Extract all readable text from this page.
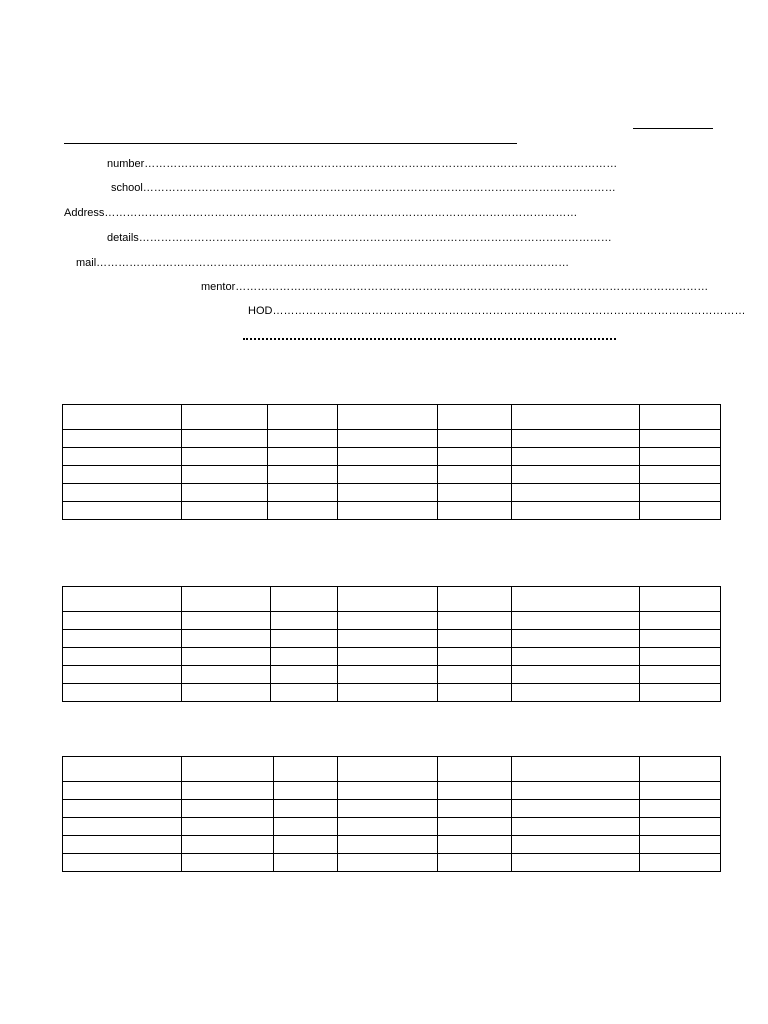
number…………………………………………………………………………………………………………………
school…………………………………………………………………………………………………………………
Address…………………………………………………………………………………………………………………
details…………………………………………………………………………………………………………………
mail…………………………………………………………………………………………………………………
mentor…………………………………………………………………………………………………………………
HOD…………………………………………………………………………………………………………………
